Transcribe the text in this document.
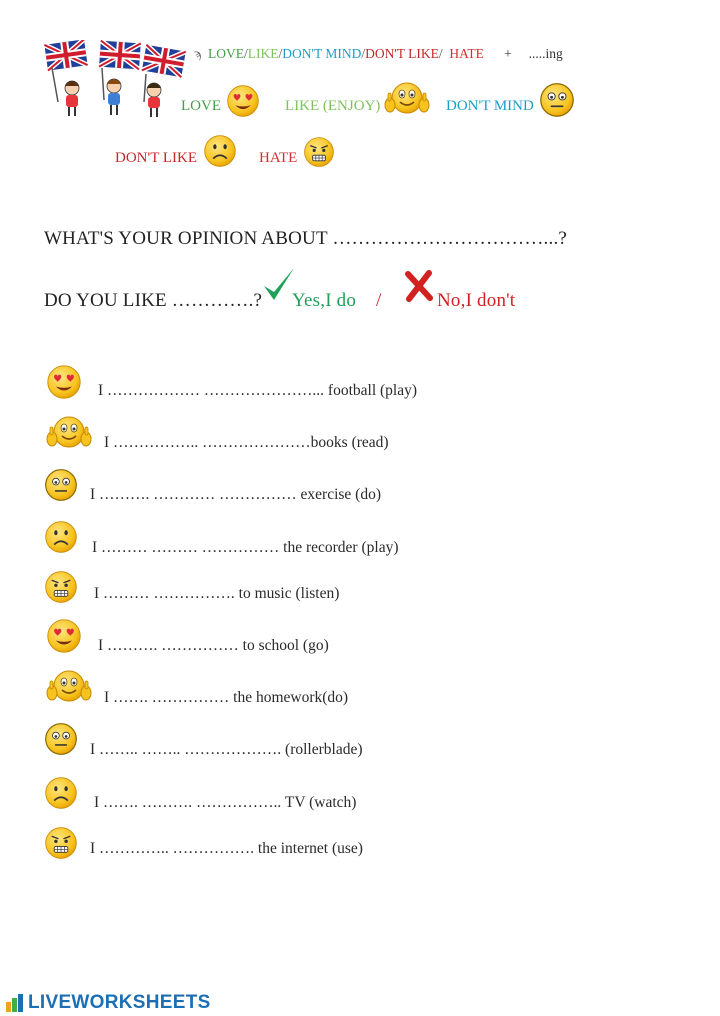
ϡ LOVE/LIKE/DON'T MIND/DON'T LIKE/ HATE + .....ing
LOVE	LIKE (ENJOY)	DON'T MIND
DON'T LIKE	HATE
WHAT'S YOUR OPINION ABOUT ……………………………...?
DO YOU LIKE ………….? Yes,I do /	No,I don't
I ……………… …………………... football (play)
I …………….. …………………books (read)
I ………. ………… …………… exercise (do)
I ……… ……… …………… the recorder (play)
I ……… ……………. to music (listen)
I ………. …………… to school (go)
I ……. …………… the homework(do)
I …….. …….. ………………. (rollerblade)
I ……. ………. …………….. TV (watch)
I ………….. ……………. the internet (use)
LIVEWORKSHEETS
